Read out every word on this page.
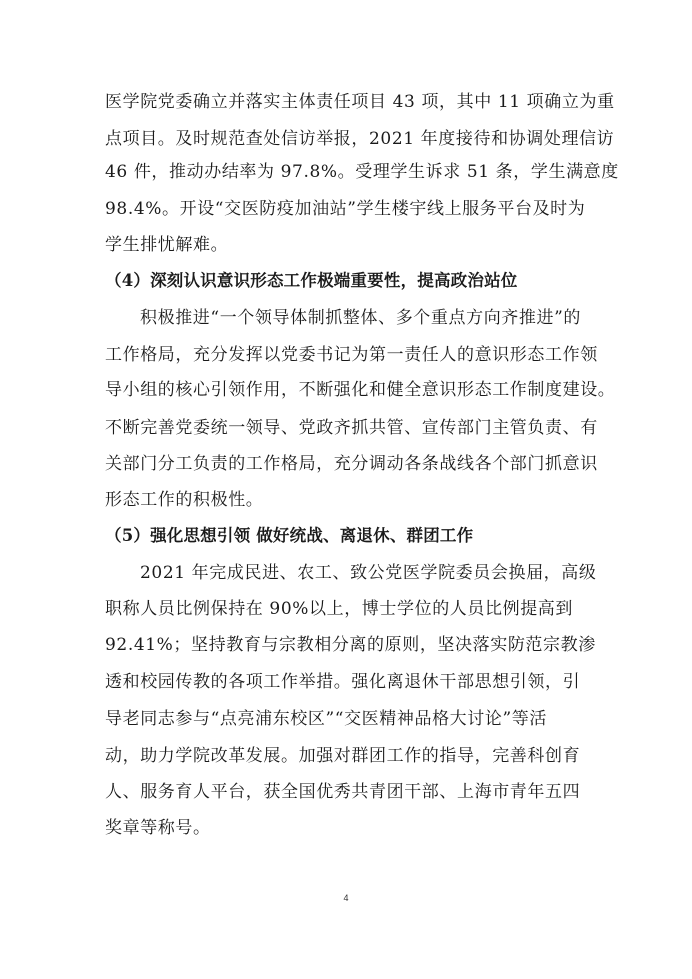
医学院党委确立并落实主体责任项目 43 项，其中 11 项确立为重
点项目。及时规范查处信访举报，2021 年度接待和协调处理信访
46 件，推动办结率为 97.8%。受理学生诉求 51 条，学生满意度
98.4%。开设“交医防疫加油站”学生楼宇线上服务平台及时为
学生排忧解难。
（4）深刻认识意识形态工作极端重要性，提高政治站位
积极推进“一个领导体制抓整体、多个重点方向齐推进”的
工作格局，充分发挥以党委书记为第一责任人的意识形态工作领
导小组的核心引领作用，不断强化和健全意识形态工作制度建设。
不断完善党委统一领导、党政齐抓共管、宣传部门主管负责、有
关部门分工负责的工作格局，充分调动各条战线各个部门抓意识
形态工作的积极性。
（5）强化思想引领 做好统战、离退休、群团工作
2021 年完成民进、农工、致公党医学院委员会换届，高级
职称人员比例保持在 90%以上，博士学位的人员比例提高到
92.41%；坚持教育与宗教相分离的原则，坚决落实防范宗教渗
透和校园传教的各项工作举措。强化离退休干部思想引领，引
导老同志参与“点亮浦东校区”“交医精神品格大讨论”等活
动，助力学院改革发展。加强对群团工作的指导，完善科创育
人、服务育人平台，获全国优秀共青团干部、上海市青年五四
奖章等称号。
4
